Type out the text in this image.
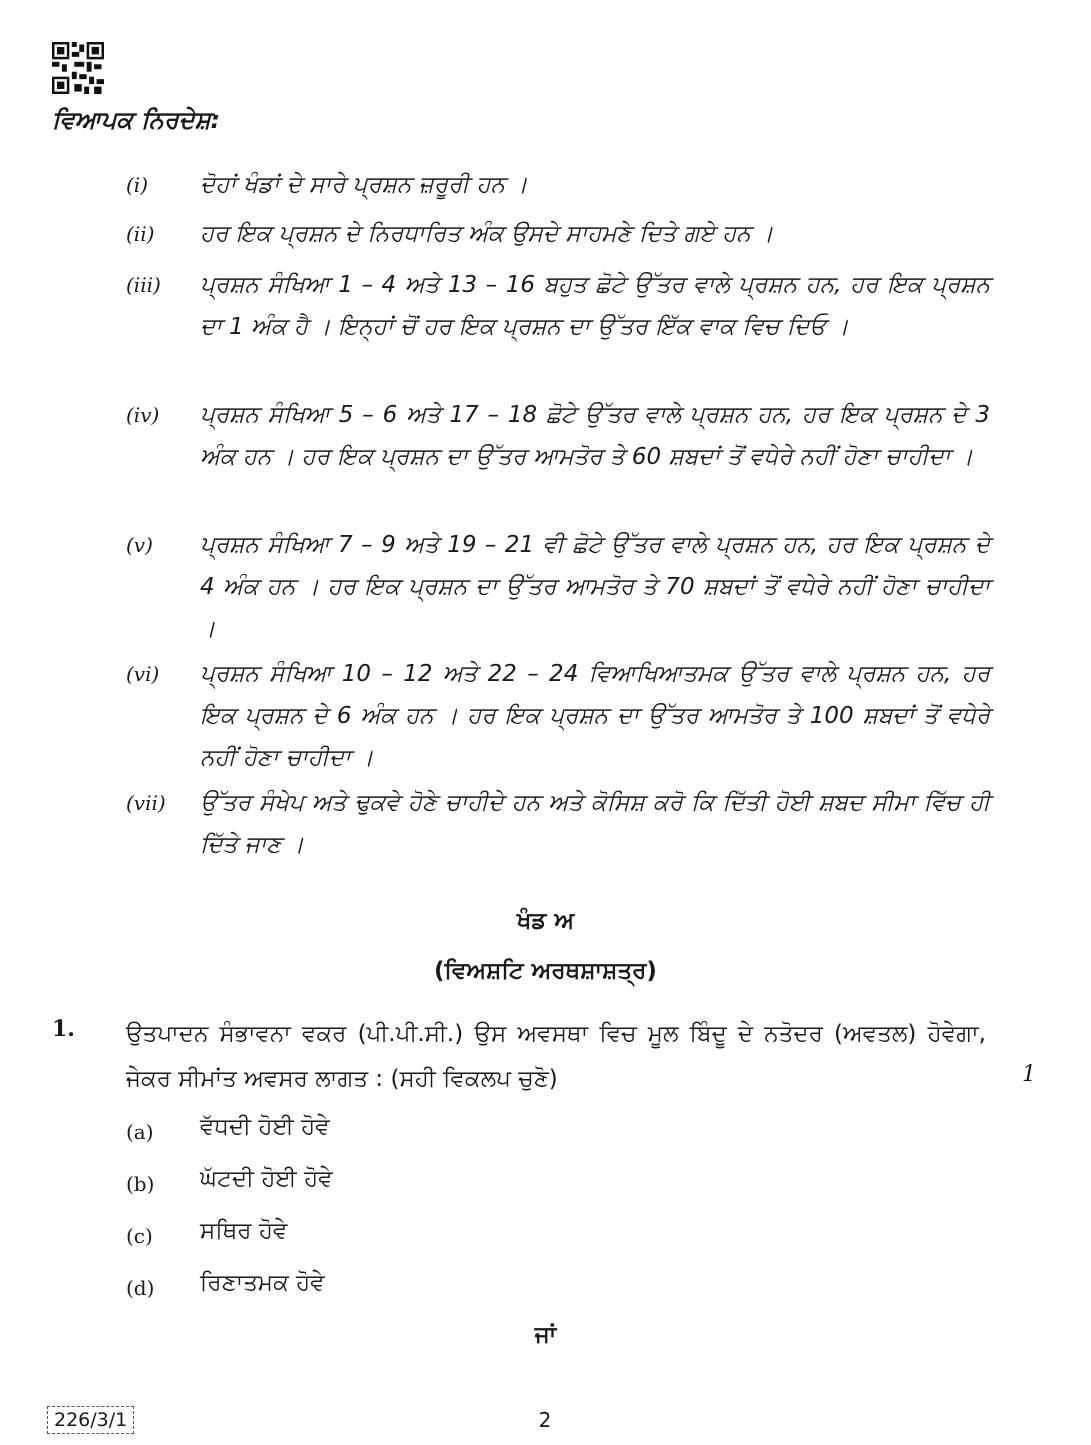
ਵਿਆਪਕ ਨਿਰਦੇਸ਼:
(i)	ਦੋਹਾਂ ਖੰਡਾਂ ਦੇ ਸਾਰੇ ਪ੍ਰਸ਼ਨ ਜ਼ਰੂਰੀ ਹਨ ।
(ii)	ਹਰ ਇਕ ਪ੍ਰਸ਼ਨ ਦੇ ਨਿਰਧਾਰਿਤ ਅੰਕ ਉਸਦੇ ਸਾਹਮਣੇ ਦਿਤੇ ਗਏ ਹਨ ।
(iii)	ਪ੍ਰਸ਼ਨ ਸੰਖਿਆ 1 – 4 ਅਤੇ 13 – 16 ਬਹੁਤ ਛੋਟੇ ਉੱਤਰ ਵਾਲੇ ਪ੍ਰਸ਼ਨ ਹਨ, ਹਰ ਇਕ ਪ੍ਰਸ਼ਨ ਦਾ 1 ਅੰਕ ਹੈ । ਇਨ੍ਹਾਂ ਚੋਂ ਹਰ ਇਕ ਪ੍ਰਸ਼ਨ ਦਾ ਉੱਤਰ ਇੱਕ ਵਾਕ ਵਿਚ ਦਿਓ ।
(iv)	ਪ੍ਰਸ਼ਨ ਸੰਖਿਆ 5 – 6 ਅਤੇ 17 – 18 ਛੋਟੇ ਉੱਤਰ ਵਾਲੇ ਪ੍ਰਸ਼ਨ ਹਨ, ਹਰ ਇਕ ਪ੍ਰਸ਼ਨ ਦੇ 3 ਅੰਕ ਹਨ । ਹਰ ਇਕ ਪ੍ਰਸ਼ਨ ਦਾ ਉੱਤਰ ਆਮਤੋਰ ਤੇ 60 ਸ਼ਬਦਾਂ ਤੋਂ ਵਧੇਰੇ ਨਹੀਂ ਹੋਣਾ ਚਾਹੀਦਾ ।
(v)	ਪ੍ਰਸ਼ਨ ਸੰਖਿਆ 7 – 9 ਅਤੇ 19 – 21 ਵੀ ਛੋਟੇ ਉੱਤਰ ਵਾਲੇ ਪ੍ਰਸ਼ਨ ਹਨ, ਹਰ ਇਕ ਪ੍ਰਸ਼ਨ ਦੇ 4 ਅੰਕ ਹਨ । ਹਰ ਇਕ ਪ੍ਰਸ਼ਨ ਦਾ ਉੱਤਰ ਆਮਤੋਰ ਤੇ 70 ਸ਼ਬਦਾਂ ਤੋਂ ਵਧੇਰੇ ਨਹੀਂ ਹੋਣਾ ਚਾਹੀਦਾ ।
(vi)	ਪ੍ਰਸ਼ਨ ਸੰਖਿਆ 10 – 12 ਅਤੇ 22 – 24 ਵਿਆਖਿਆਤਮਕ ਉੱਤਰ ਵਾਲੇ ਪ੍ਰਸ਼ਨ ਹਨ, ਹਰ ਇਕ ਪ੍ਰਸ਼ਨ ਦੇ 6 ਅੰਕ ਹਨ । ਹਰ ਇਕ ਪ੍ਰਸ਼ਨ ਦਾ ਉੱਤਰ ਆਮਤੋਰ ਤੇ 100 ਸ਼ਬਦਾਂ ਤੋਂ ਵਧੇਰੇ ਨਹੀਂ ਹੋਣਾ ਚਾਹੀਦਾ ।
(vii)	ਉੱਤਰ ਸੰਖੇਪ ਅਤੇ ਢੁਕਵੇ ਹੋਣੇ ਚਾਹੀਦੇ ਹਨ ਅਤੇ ਕੋਸਿਸ਼ ਕਰੋ ਕਿ ਦਿੱਤੀ ਹੋਈ ਸ਼ਬਦ ਸੀਮਾ ਵਿੱਚ ਹੀ ਦਿੱਤੇ ਜਾਣ ।
ਖੰਡ ਅ
(ਵਿਅਸ਼ਟਿ ਅਰਥਸ਼ਾਸ਼ਤ੍ਰ)
1. ਉਤਪਾਦਨ ਸੰਭਾਵਨਾ ਵਕਰ (ਪੀ.ਪੀ.ਸੀ.) ਉਸ ਅਵਸਥਾ ਵਿਚ ਮੂਲ ਬਿੰਦੂ ਦੇ ਨਤੋਦਰ (ਅਵਤਲ) ਹੋਵੇਗਾ, ਜੇਕਰ ਸੀਮਾਂਤ ਅਵਸਰ ਲਾਗਤ : (ਸਹੀ ਵਿਕਲਪ ਚੁਣੋ)	1
(a) ਵੱਧਦੀ ਹੋਈ ਹੋਵੇ
(b) ਘੱਟਦੀ ਹੋਈ ਹੋਵੇ
(c) ਸਥਿਰ ਹੋਵੇ
(d) ਰਿਣਾਤਮਕ ਹੋਵੇ
ਜਾਂ
226/3/1	2
